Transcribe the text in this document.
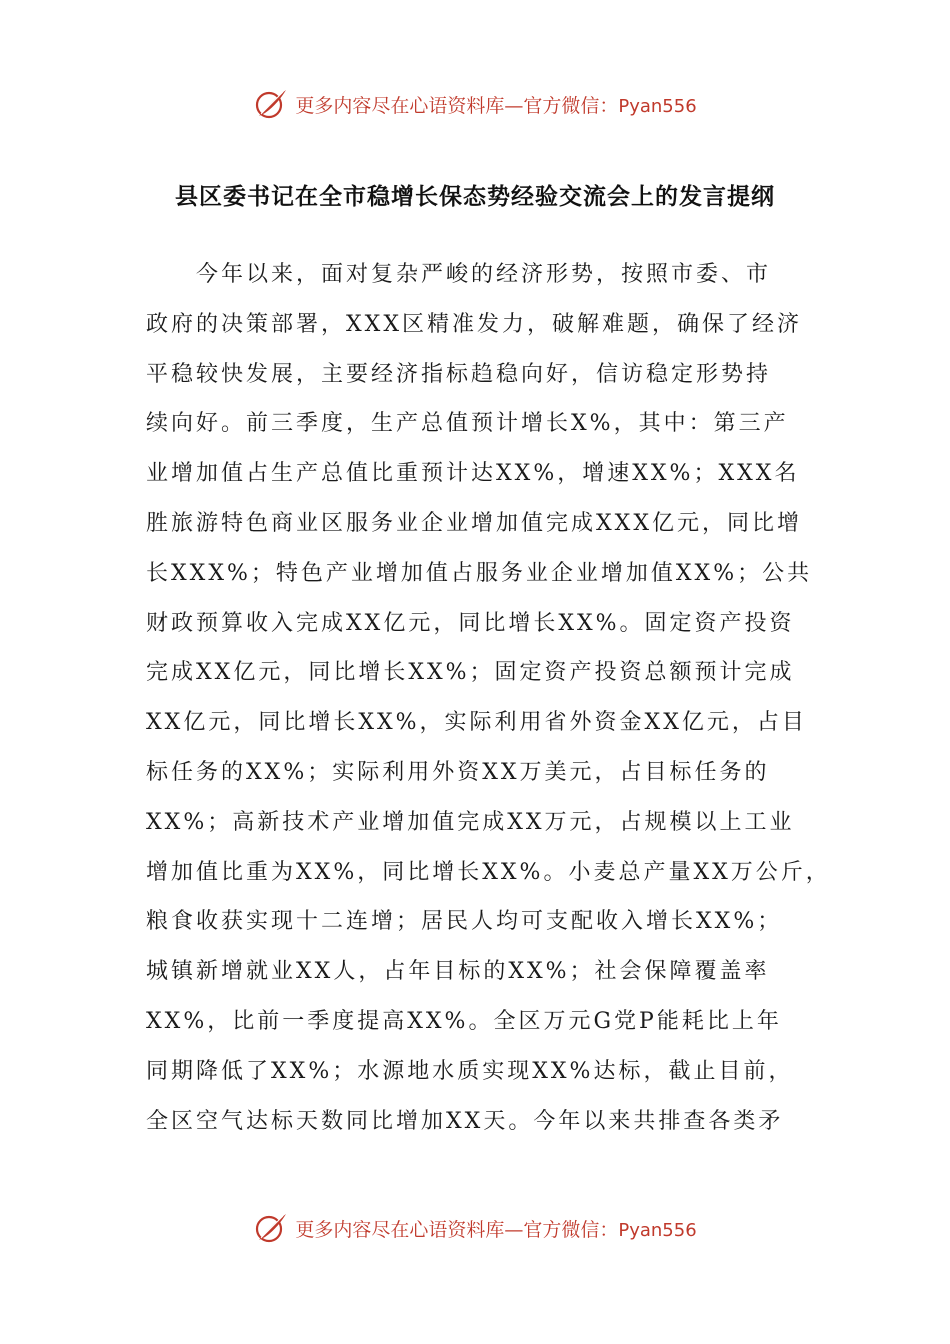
更多内容尽在心语资料库—官方微信：Pyan556
县区委书记在全市稳增长保态势经验交流会上的发言提纲
　　今年以来，面对复杂严峻的经济形势，按照市委、市
政府的决策部署，XXX区精准发力，破解难题，确保了经济
平稳较快发展，主要经济指标趋稳向好，信访稳定形势持
续向好。前三季度，生产总值预计增长X%，其中：第三产
业增加值占生产总值比重预计达XX%，增速XX%；XXX名
胜旅游特色商业区服务业企业增加值完成XXX亿元，同比增
长XXX%；特色产业增加值占服务业企业增加值XX%；公共
财政预算收入完成XX亿元，同比增长XX%。固定资产投资
完成XX亿元，同比增长XX%；固定资产投资总额预计完成
XX亿元，同比增长XX%，实际利用省外资金XX亿元，占目
标任务的XX%；实际利用外资XX万美元，占目标任务的
XX%；高新技术产业增加值完成XX万元，占规模以上工业
增加值比重为XX%，同比增长XX%。小麦总产量XX万公斤，
粮食收获实现十二连增；居民人均可支配收入增长XX%；
城镇新增就业XX人，占年目标的XX%；社会保障覆盖率
XX%，比前一季度提高XX%。全区万元G党P能耗比上年
同期降低了XX%；水源地水质实现XX%达标，截止目前，
全区空气达标天数同比增加XX天。今年以来共排查各类矛
更多内容尽在心语资料库—官方微信：Pyan556
